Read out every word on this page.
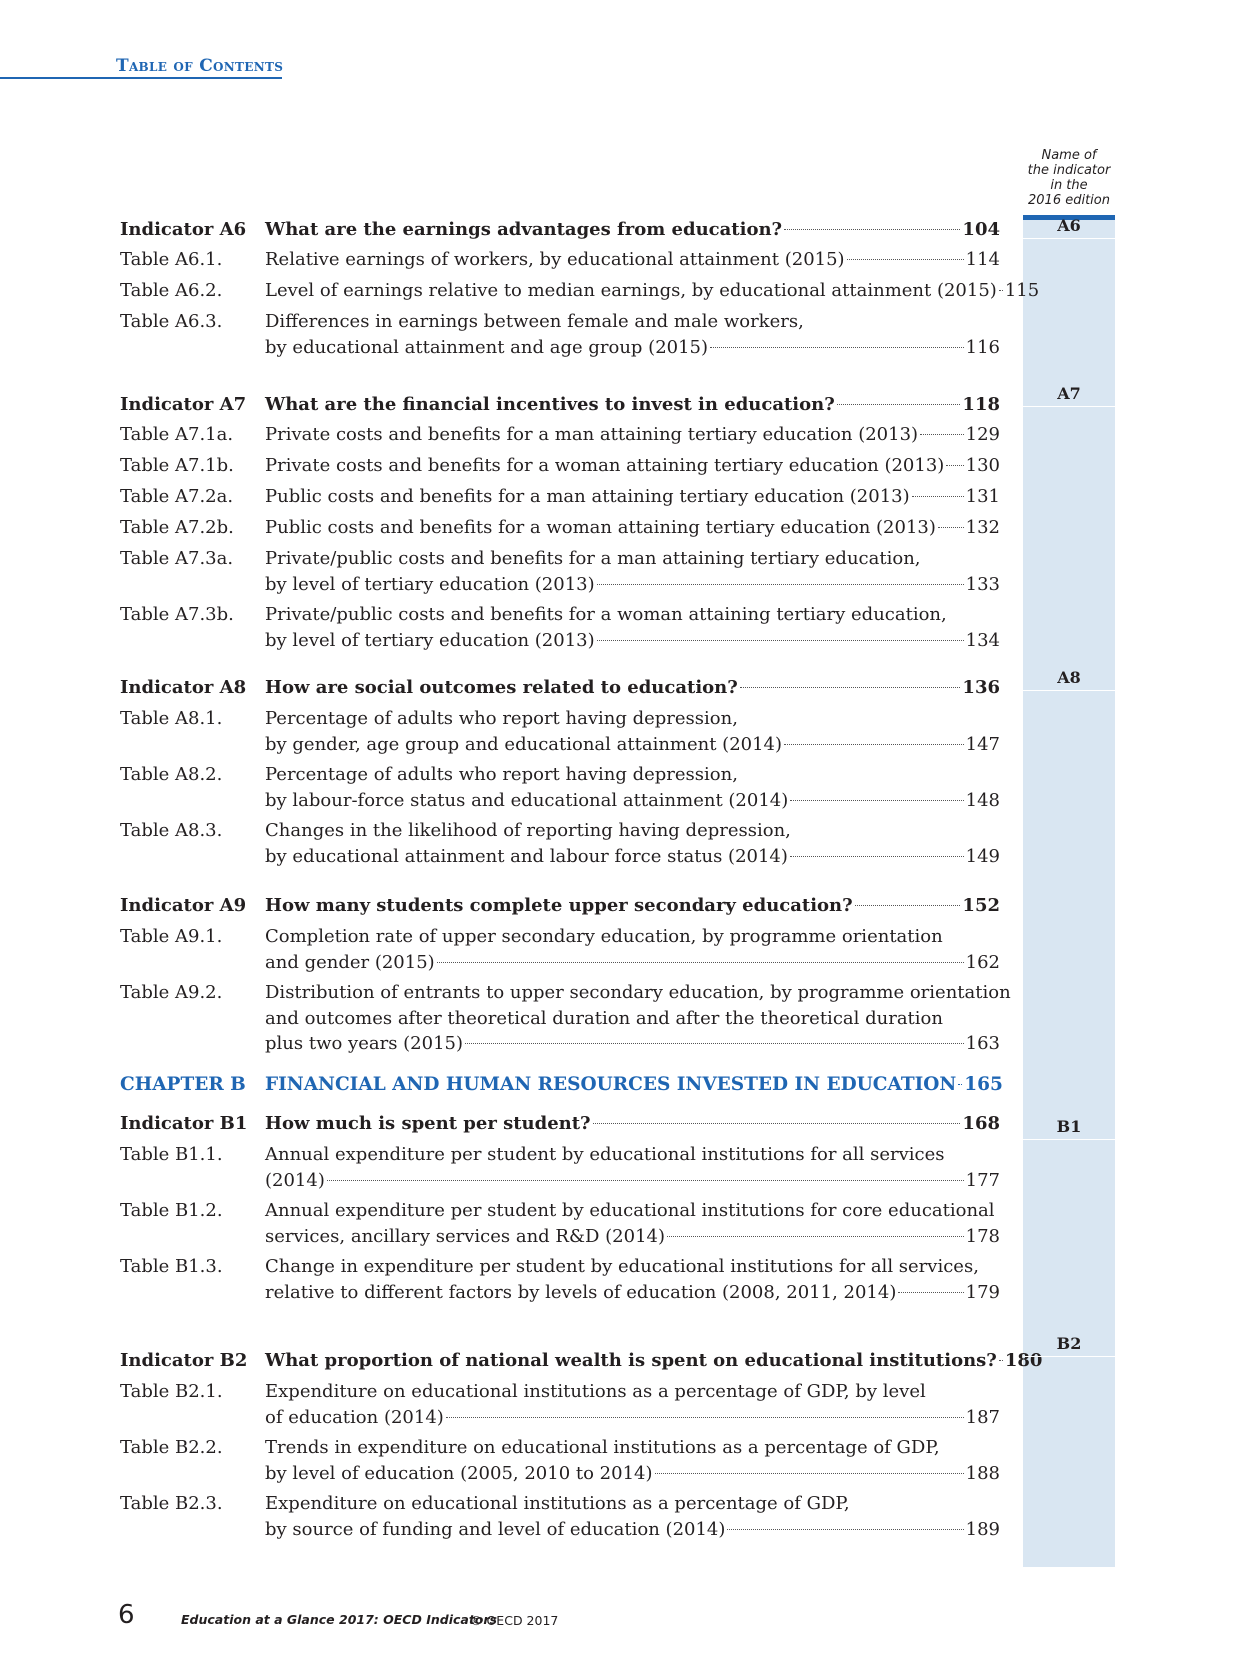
Table of Contents
Name of
the indicator
in the
2016 edition
Indicator A6	What are the earnings advantages from education?	104
Table A6.1.	Relative earnings of workers, by educational attainment (2015)	114
Table A6.2.	Level of earnings relative to median earnings, by educational attainment (2015) 115
Table A6.3.	Differences in earnings between female and male workers,
by educational attainment and age group (2015)	116
Indicator A7	What are the financial incentives to invest in education?	118
Table A7.1a.	Private costs and benefits for a man attaining tertiary education (2013)	129
Table A7.1b.	Private costs and benefits for a woman attaining tertiary education (2013) 130
Table A7.2a.	Public costs and benefits for a man attaining tertiary education (2013)	131
Table A7.2b.	Public costs and benefits for a woman attaining tertiary education (2013) 132
Table A7.3a.	Private/public costs and benefits for a man attaining tertiary education,
by level of tertiary education (2013)	133
Table A7.3b.	Private/public costs and benefits for a woman attaining tertiary education,
by level of tertiary education (2013)	134
Indicator A8	How are social outcomes related to education?	136
Table A8.1.	Percentage of adults who report having depression,
by gender, age group and educational attainment (2014)	147
Table A8.2.	Percentage of adults who report having depression,
by labour-force status and educational attainment (2014)	148
Table A8.3.	Changes in the likelihood of reporting having depression,
by educational attainment and labour force status (2014)	149
Indicator A9	How many students complete upper secondary education?	152
Table A9.1.	Completion rate of upper secondary education, by programme orientation
and gender (2015)	162
Table A9.2.	Distribution of entrants to upper secondary education, by programme orientation
and outcomes after theoretical duration and after the theoretical duration
plus two years (2015)	163
CHAPTER B	FINANCIAL AND HUMAN RESOURCES INVESTED IN EDUCATION 165
Indicator B1 How much is spent per student?	168
Table B1.1.	Annual expenditure per student by educational institutions for all services
(2014)	177
Table B1.2.	Annual expenditure per student by educational institutions for core educational
services, ancillary services and R&D (2014)	178
Table B1.3.	Change in expenditure per student by educational institutions for all services,
relative to different factors by levels of education (2008, 2011, 2014)	179
Indicator B2 What proportion of national wealth is spent on educational institutions? 180
Table B2.1.	Expenditure on educational institutions as a percentage of GDP, by level
of education (2014)	187
Table B2.2.	Trends in expenditure on educational institutions as a percentage of GDP,
by level of education (2005, 2010 to 2014)	188
Table B2.3.	Expenditure on educational institutions as a percentage of GDP,
by source of funding and level of education (2014)	189
6	Education at a Glance 2017: OECD Indicators
© OECD 2017
A6
A7
A8
B1
B2
